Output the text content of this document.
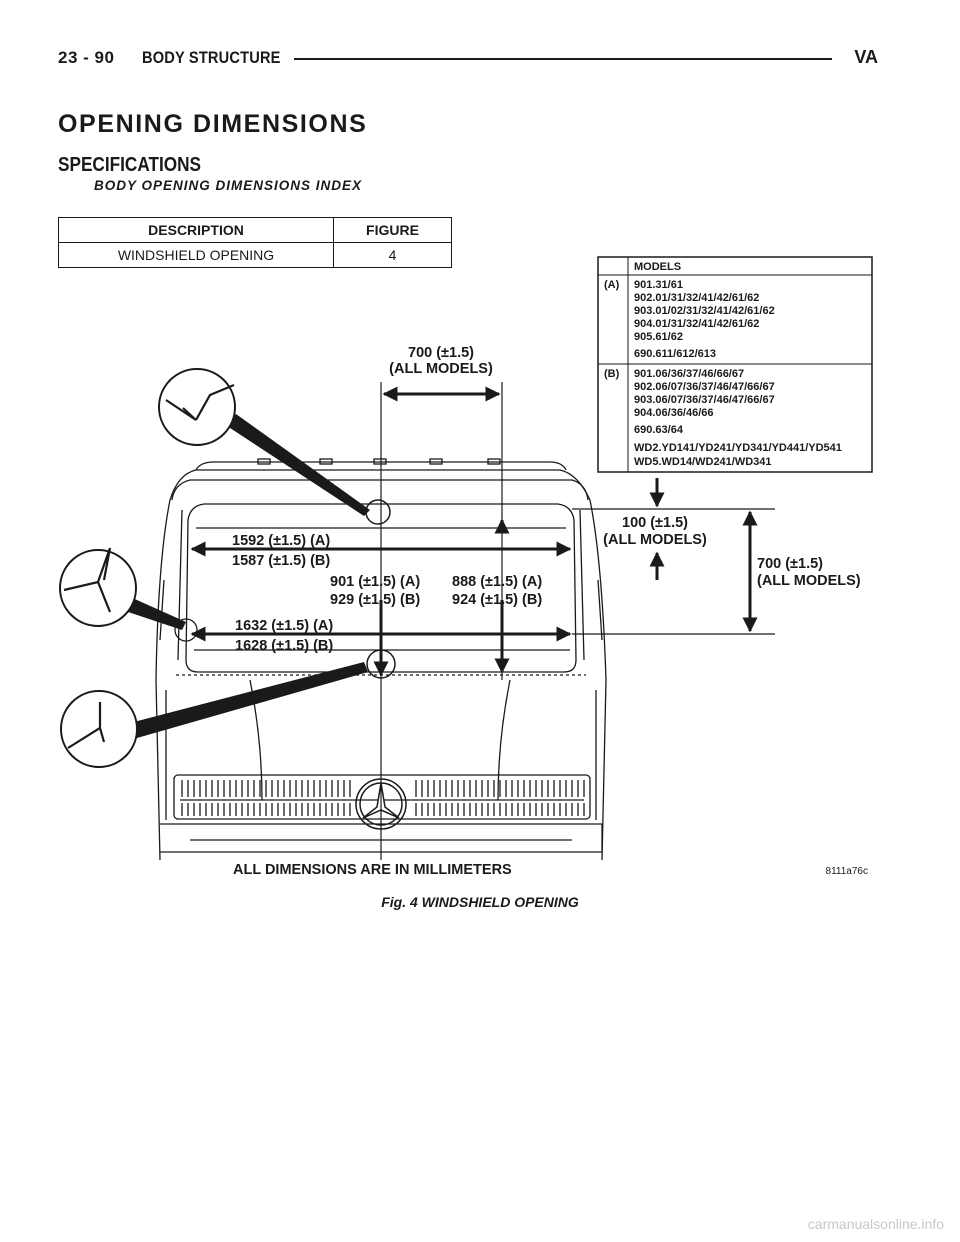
23 - 90 BODY STRUCTURE	VA
OPENING DIMENSIONS
SPECIFICATIONS
BODY OPENING DIMENSIONS INDEX
DESCRIPTION	FIGURE
WINDSHIELD OPENING	4
MODELS
(A) 901.31/61
902.01/31/32/41/42/61/62
903.01/02/31/32/41/42/61/62
904.01/31/32/41/42/61/62
905.61/62
690.611/612/613
(B) 901.06/36/37/46/66/67
902.06/07/36/37/46/47/66/67
903.06/07/36/37/46/47/66/67
904.06/36/46/66
690.63/64
WD2.YD141/YD241/YD341/YD441/YD541
WD5.WD14/WD241/WD341
700 (±1.5)
(ALL MODELS)
1592 (±1.5) (A)
1587 (±1.5) (B)
1632 (±1.5) (A)
1628 (±1.5) (B)
901 (±1.5) (A)
929 (±1.5) (B)
888 (±1.5) (A)
924 (±1.5) (B)
100 (±1.5)
(ALL MODELS)
700 (±1.5)
(ALL MODELS)
ALL DIMENSIONS ARE IN MILLIMETERS	8111a76c
Fig. 4 WINDSHIELD OPENING
carmanualsonline.info
